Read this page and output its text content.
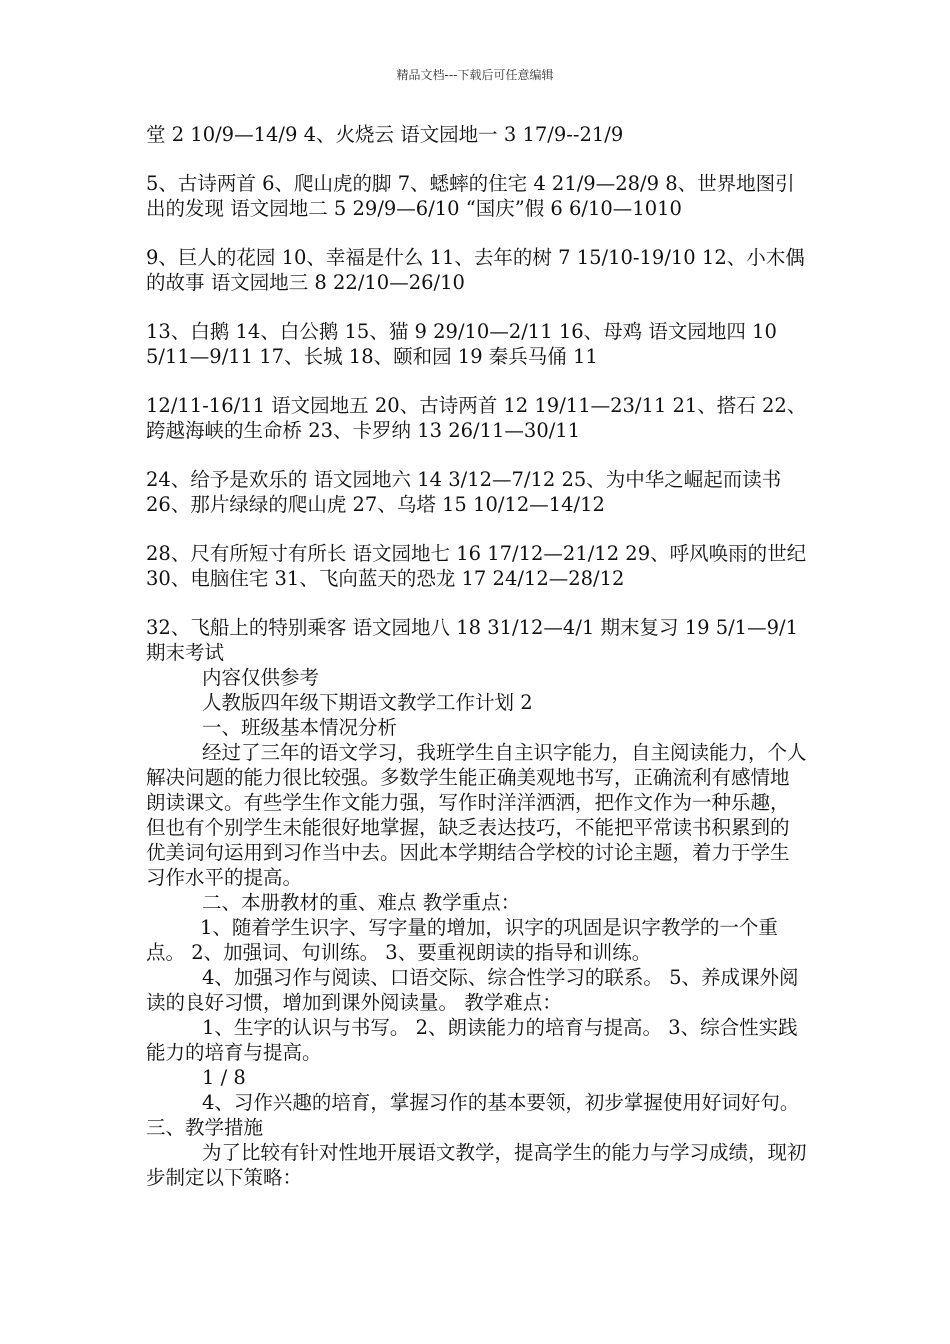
精品文档---下载后可任意编辑

堂 2 10/9—14/9 4、火烧云 语文园地一 3 17/9--21/9

5、古诗两首 6、爬山虎的脚 7、蟋蟀的住宅 4 21/9—28/9 8、世界地图引出的发现 语文园地二 5 29/9—6/10 “国庆”假 6 6/10—1010

9、巨人的花园 10、幸福是什么 11、去年的树 7 15/10-19/10 12、小木偶的故事 语文园地三 8 22/10—26/10

13、白鹅 14、白公鹅 15、猫 9 29/10—2/11 16、母鸡 语文园地四 10 5/11—9/11 17、长城 18、颐和园 19 秦兵马俑 11

12/11-16/11 语文园地五 20、古诗两首 12 19/11—23/11 21、搭石 22、跨越海峡的生命桥 23、卡罗纳 13 26/11—30/11

24、给予是欢乐的 语文园地六 14 3/12—7/12 25、为中华之崛起而读书 26、那片绿绿的爬山虎 27、乌塔 15 10/12—14/12

28、尺有所短寸有所长 语文园地七 16 17/12—21/12 29、呼风唤雨的世纪 30、电脑住宅 31、飞向蓝天的恐龙 17 24/12—28/12

32、飞船上的特别乘客 语文园地八 18 31/12—4/1 期末复习 19 5/1—9/1 期末考试

内容仅供参考

人教版四年级下期语文教学工作计划 2

一、班级基本情况分析

经过了三年的语文学习，我班学生自主识字能力，自主阅读能力，个人解决问题的能力很比较强。多数学生能正确美观地书写，正确流利有感情地朗读课文。有些学生作文能力强，写作时洋洋洒洒，把作文作为一种乐趣，但也有个别学生未能很好地掌握，缺乏表达技巧，不能把平常读书积累到的优美词句运用到习作当中去。因此本学期结合学校的讨论主题，着力于学生习作水平的提高。

二、本册教材的重、难点 教学重点：

1、随着学生识字、写字量的增加，识字的巩固是识字教学的一个重点。 2、加强词、句训练。 3、要重视朗读的指导和训练。

4、加强习作与阅读、口语交际、综合性学习的联系。 5、养成课外阅读的良好习惯，增加到课外阅读量。 教学难点：

1、生字的认识与书写。 2、朗读能力的培育与提高。 3、综合性实践能力的培育与提高。

1 / 8

4、习作兴趣的培育，掌握习作的基本要领，初步掌握使用好词好句。三、教学措施

为了比较有针对性地开展语文教学，提高学生的能力与学习成绩，现初步制定以下策略：
